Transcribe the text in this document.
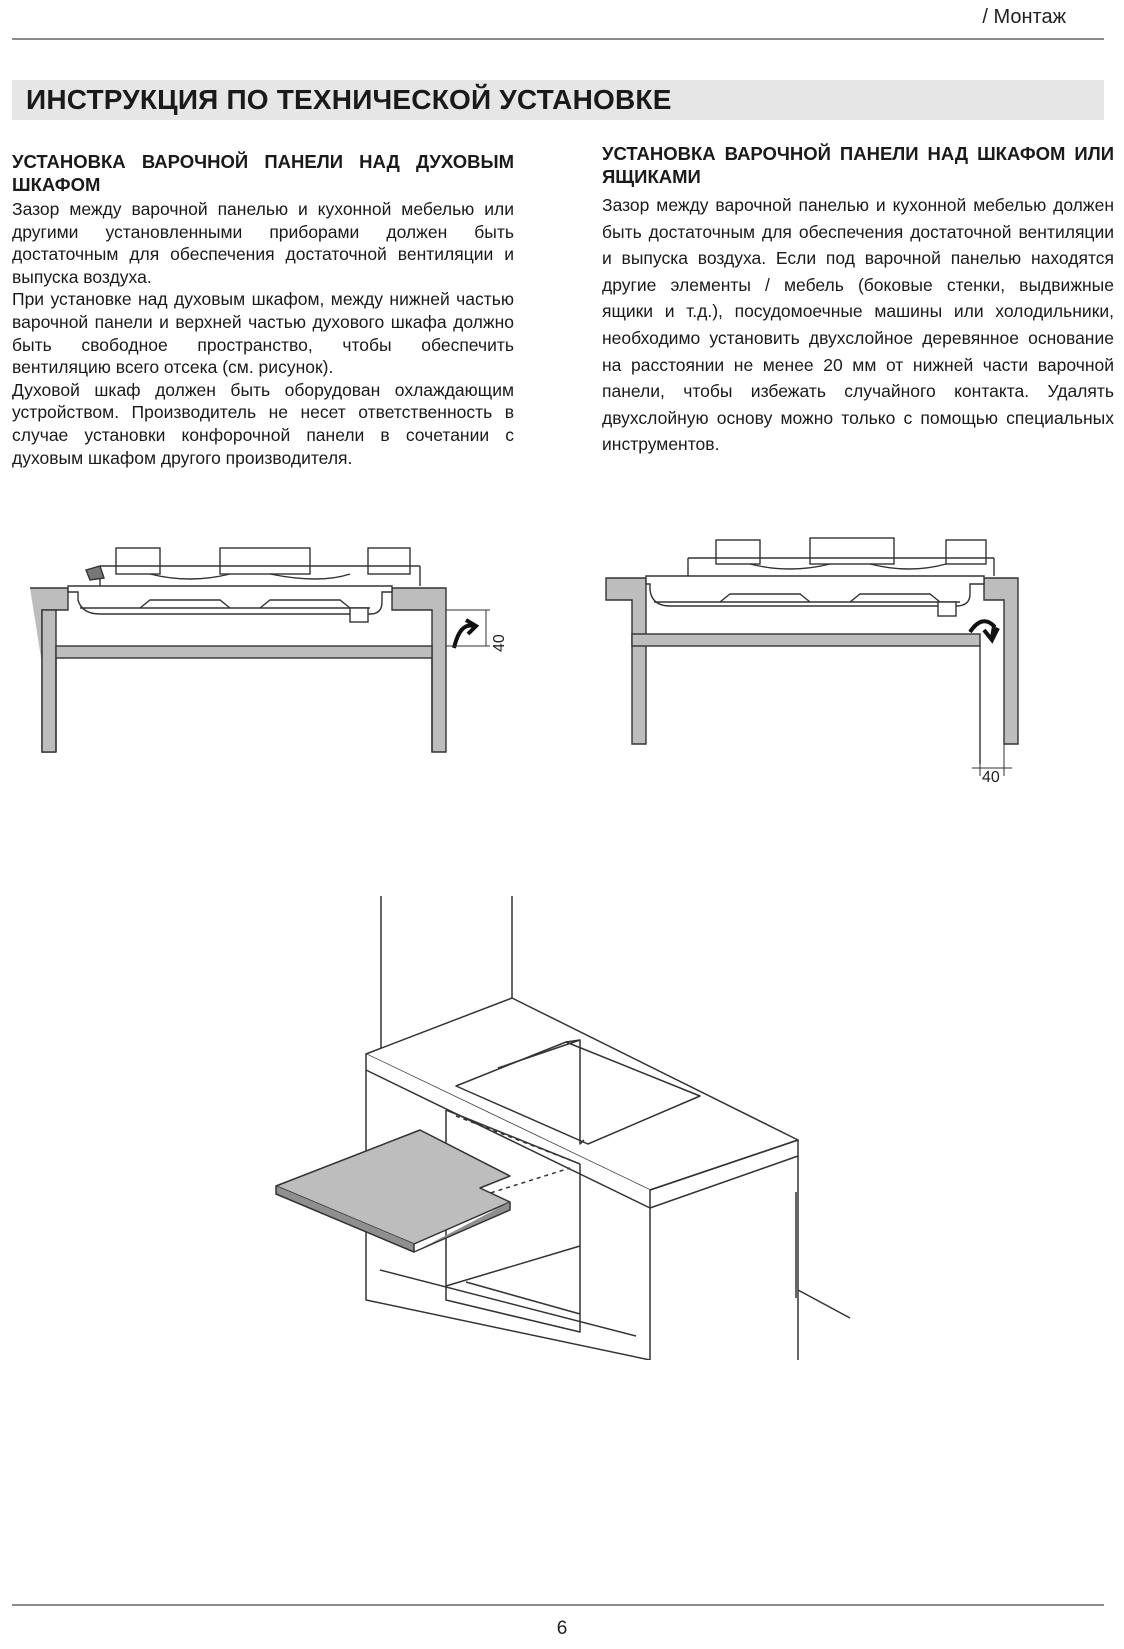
/ Монтаж
ИНСТРУКЦИЯ ПО ТЕХНИЧЕСКОЙ УСТАНОВКЕ
УСТАНОВКА ВАРОЧНОЙ ПАНЕЛИ НАД ДУХОВЫМ ШКАФОМ

Зазор между варочной панелью и кухонной мебелью или другими установленными приборами должен быть достаточным для обеспечения достаточной вентиляции и выпуска воздуха.

При установке над духовым шкафом, между нижней частью варочной панели и верхней частью духового шкафа должно быть свободное пространство, чтобы обеспечить вентиляцию всего отсека (см. рисунок).

Духовой шкаф должен быть оборудован охлаждающим устройством. Производитель не несет ответственность в случае установки конфорочной панели в сочетании с духовым шкафом другого производителя.

УСТАНОВКА ВАРОЧНОЙ ПАНЕЛИ НАД ШКАФОМ ИЛИ ЯЩИКАМИ

Зазор между варочной панелью и кухонной мебелью должен быть достаточным для обеспечения достаточной вентиляции и выпуска воздуха. Если под варочной панелью находятся другие элементы / мебель (боковые стенки, выдвижные ящики и т.д.), посудомоечные машины или холодильники, необходимо установить двухслойное деревянное основание на расстоянии не менее 20 мм от нижней части варочной панели, чтобы избежать случайного контакта. Удалять двухслойную основу можно только с помощью специальных инструментов.

40
40
6
